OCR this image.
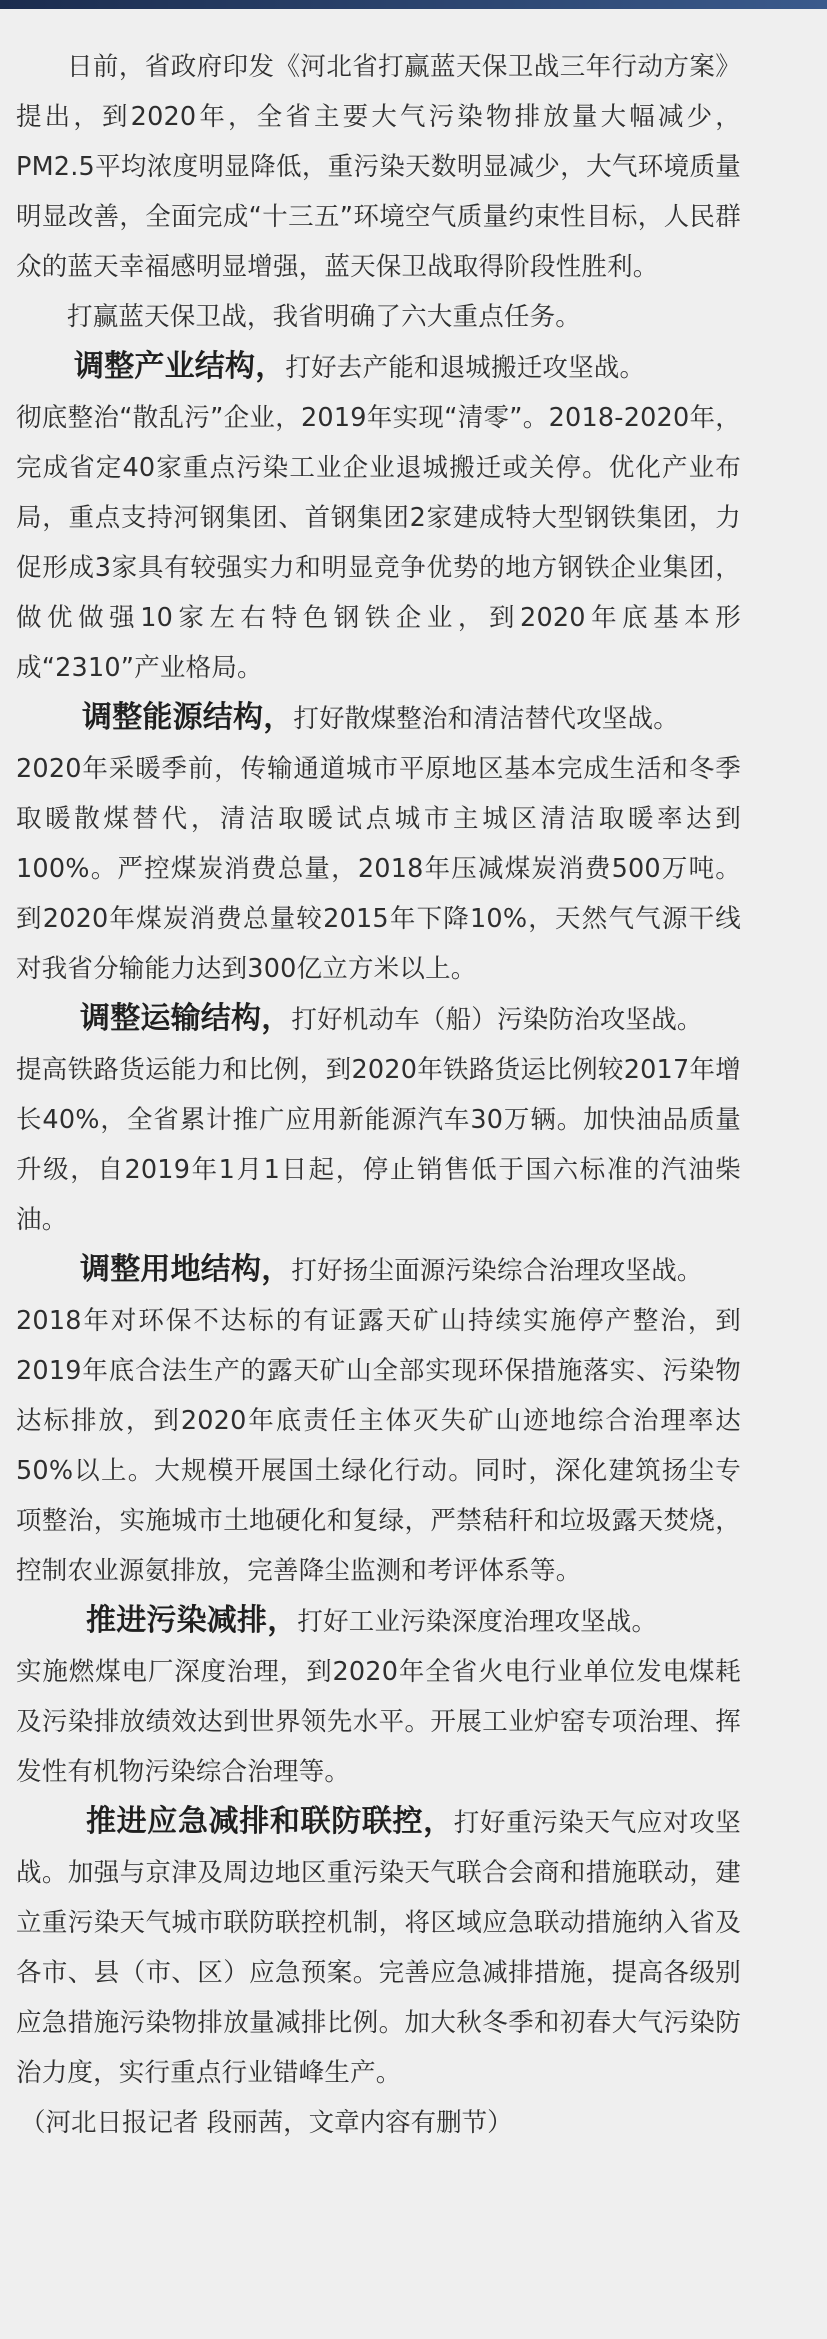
日前，省政府印发《河北省打赢蓝天保卫战三年行动方案》提出，到2020年，全省主要大气污染物排放量大幅减少，PM2.5平均浓度明显降低，重污染天数明显减少，大气环境质量明显改善，全面完成“十三五”环境空气质量约束性目标，人民群众的蓝天幸福感明显增强，蓝天保卫战取得阶段性胜利。

打赢蓝天保卫战，我省明确了六大重点任务。

调整产业结构，打好去产能和退城搬迁攻坚战。
彻底整治“散乱污”企业，2019年实现“清零”。2018-2020年，完成省定40家重点污染工业企业退城搬迁或关停。优化产业布局，重点支持河钢集团、首钢集团2家建成特大型钢铁集团，力促形成3家具有较强实力和明显竞争优势的地方钢铁企业集团，做优做强10家左右特色钢铁企业，到2020年底基本形成“2310”产业格局。

调整能源结构，打好散煤整治和清洁替代攻坚战。
2020年采暖季前，传输通道城市平原地区基本完成生活和冬季取暖散煤替代，清洁取暖试点城市主城区清洁取暖率达到100%。严控煤炭消费总量，2018年压减煤炭消费500万吨。到2020年煤炭消费总量较2015年下降10%，天然气气源干线对我省分输能力达到300亿立方米以上。

调整运输结构，打好机动车（船）污染防治攻坚战。
提高铁路货运能力和比例，到2020年铁路货运比例较2017年增长40%，全省累计推广应用新能源汽车30万辆。加快油品质量升级，自2019年1月1日起，停止销售低于国六标准的汽油柴油。

调整用地结构，打好扬尘面源污染综合治理攻坚战。
2018年对环保不达标的有证露天矿山持续实施停产整治，到2019年底合法生产的露天矿山全部实现环保措施落实、污染物达标排放，到2020年底责任主体灭失矿山迹地综合治理率达50%以上。大规模开展国土绿化行动。同时，深化建筑扬尘专项整治，实施城市土地硬化和复绿，严禁秸秆和垃圾露天焚烧，控制农业源氨排放，完善降尘监测和考评体系等。

推进污染减排，打好工业污染深度治理攻坚战。
实施燃煤电厂深度治理，到2020年全省火电行业单位发电煤耗及污染排放绩效达到世界领先水平。开展工业炉窑专项治理、挥发性有机物污染综合治理等。

推进应急减排和联防联控，打好重污染天气应对攻坚战。加强与京津及周边地区重污染天气联合会商和措施联动，建立重污染天气城市联防联控机制，将区域应急联动措施纳入省及各市、县（市、区）应急预案。完善应急减排措施，提高各级别应急措施污染物排放量减排比例。加大秋冬季和初春大气污染防治力度，实行重点行业错峰生产。

（河北日报记者 段丽茜，文章内容有删节）
